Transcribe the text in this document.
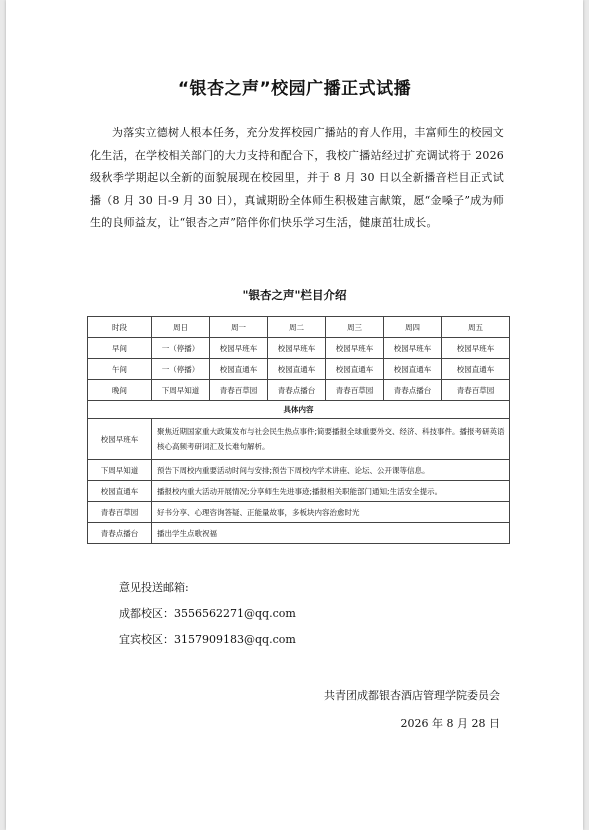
“银杏之声”校园广播正式试播

为落实立德树人根本任务，充分发挥校园广播站的育人作用，丰富师生的校园文化生活，在学校相关部门的大力支持和配合下，我校广播站经过扩充调试将于 2026 级秋季学期起以全新的面貌展现在校园里，并于 8 月 30 日以全新播音栏目正式试播（8 月 30 日-9 月 30 日），真诚期盼全体师生积极建言献策，愿“金嗓子”成为师生的良师益友，让“银杏之声”陪伴你们快乐学习生活，健康茁壮成长。

"银杏之声"栏目介绍
时段	周日	周一	周二	周三	周四	周五
早间	一（停播）	校园早班车	校园早班车	校园早班车	校园早班车	校园早班车
午间	一（停播）	校园直通车	校园直通车	校园直通车	校园直通车	校园直通车
晚间	下周早知道	青春百草园	青春点播台	青春百草园	青春点播台	青春百草园
具体内容						
校园早班车	聚焦近期国家重大政策发布与社会民生热点事件;简要播报全球重要外交、经济、科技事件。播报考研英语核心高频考研词汇及长难句解析。					
下周早知道	预告下周校内重要活动时间与安排;预告下周校内学术讲座、论坛、公开课等信息。					
校园直通车	播报校内重大活动开展情况;分享师生先进事迹;播报相关职能部门通知;生活安全提示。					
青春百草园	好书分享、心理咨询答疑、正能量故事，多板块内容治愈时光					
青春点播台	播出学生点歌祝福					
意见投送邮箱:
成都校区：3556562271@qq.com
宜宾校区：3157909183@qq.com
共青团成都银杏酒店管理学院委员会
2026 年 8 月 28 日
